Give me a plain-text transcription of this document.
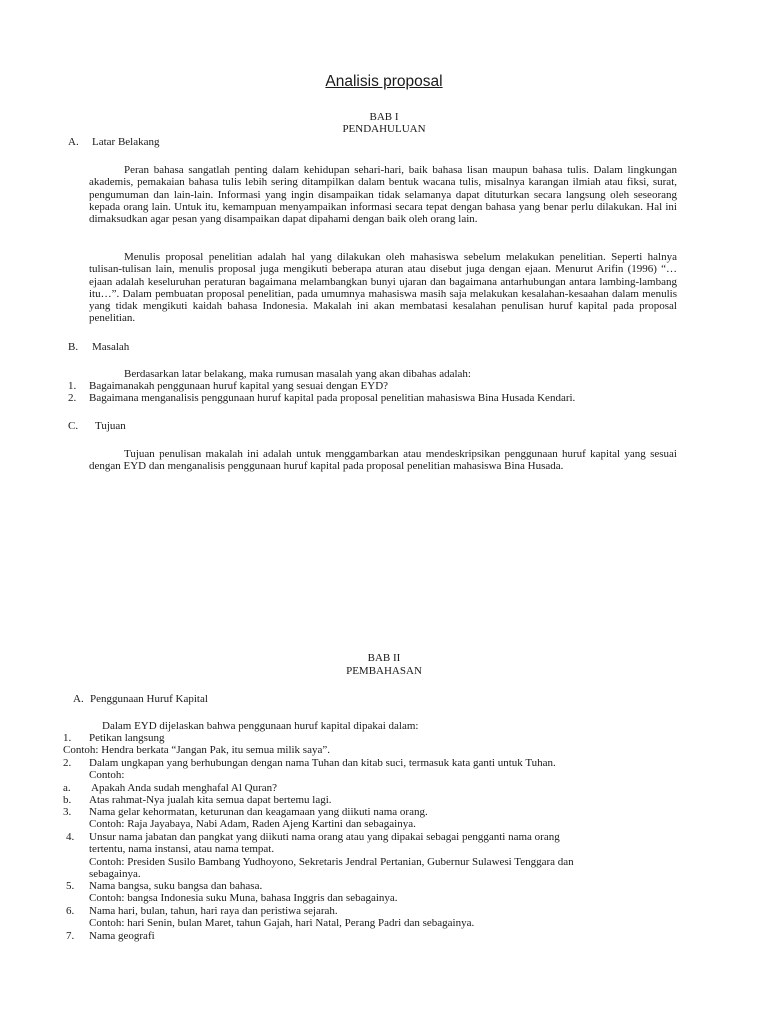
Analisis proposal
BAB I
PENDAHULUAN
A. Latar Belakang

Peran bahasa sangatlah penting dalam kehidupan sehari-hari, baik bahasa lisan maupun bahasa tulis. Dalam lingkungan akademis, pemakaian bahasa tulis lebih sering ditampilkan dalam bentuk wacana tulis, misalnya karangan ilmiah atau fiksi, surat, pengumuman dan lain-lain. Informasi yang ingin disampaikan tidak selamanya dapat dituturkan secara langsung oleh seseorang kepada orang lain. Untuk itu, kemampuan menyampaikan informasi secara tepat dengan bahasa yang benar perlu dilakukan. Hal ini dimaksudkan agar pesan yang disampaikan dapat dipahami dengan baik oleh orang lain.

Menulis proposal penelitian adalah hal yang dilakukan oleh mahasiswa sebelum melakukan penelitian. Seperti halnya tulisan-tulisan lain, menulis proposal juga mengikuti beberapa aturan atau disebut juga dengan ejaan. Menurut Arifin (1996) “…ejaan adalah keseluruhan peraturan bagaimana melambangkan bunyi ujaran dan bagaimana antarhubungan antara lambing-lambang itu…”. Dalam pembuatan proposal penelitian, pada umumnya mahasiswa masih saja melakukan kesalahan-kesaahan dalam menulis yang tidak mengikuti kaidah bahasa Indonesia. Makalah ini akan membatasi kesalahan penulisan huruf kapital pada proposal penelitian.

B. Masalah
Berdasarkan latar belakang, maka rumusan masalah yang akan dibahas adalah:
1. Bagaimanakah penggunaan huruf kapital yang sesuai dengan EYD?
2. Bagaimana menganalisis penggunaan huruf kapital pada proposal penelitian mahasiswa Bina Husada Kendari.
C. Tujuan

Tujuan penulisan makalah ini adalah untuk menggambarkan atau mendeskripsikan penggunaan huruf kapital yang sesuai dengan EYD dan menganalisis penggunaan huruf kapital pada proposal penelitian mahasiswa Bina Husada.

BAB II
PEMBAHASAN
A. Penggunaan Huruf Kapital
Dalam EYD dijelaskan bahwa penggunaan huruf kapital dipakai dalam:
1. Petikan langsung
Contoh: Hendra berkata “Jangan Pak, itu semua milik saya”.
2. Dalam ungkapan yang berhubungan dengan nama Tuhan dan kitab suci, termasuk kata ganti untuk Tuhan.
Contoh:
a. Apakah Anda sudah menghafal Al Quran?
b. Atas rahmat-Nya jualah kita semua dapat bertemu lagi.
3. Nama gelar kehormatan, keturunan dan keagamaan yang diikuti nama orang.
Contoh: Raja Jayabaya, Nabi Adam, Raden Ajeng Kartini dan sebagainya.
4. Unsur nama jabatan dan pangkat yang diikuti nama orang atau yang dipakai sebagai pengganti nama orang
tertentu, nama instansi, atau nama tempat.
Contoh: Presiden Susilo Bambang Yudhoyono, Sekretaris Jendral Pertanian, Gubernur Sulawesi Tenggara dan
sebagainya.
5. Nama bangsa, suku bangsa dan bahasa.
Contoh: bangsa Indonesia suku Muna, bahasa Inggris dan sebagainya.
6. Nama hari, bulan, tahun, hari raya dan peristiwa sejarah.
Contoh: hari Senin, bulan Maret, tahun Gajah, hari Natal, Perang Padri dan sebagainya.
7. Nama geografi
